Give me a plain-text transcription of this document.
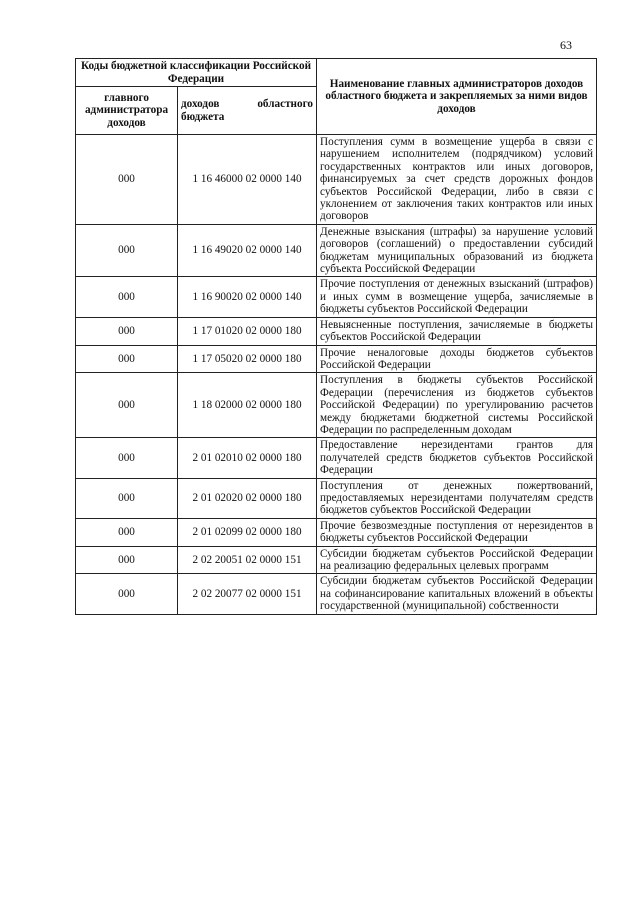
63
Коды бюджетной классификации Российской Федерации		Наименование главных администраторов доходов областного бюджета и закрепляемых за ними видов доходов
главного администратора доходов	доходов областного бюджета	
000	1 16 46000 02 0000 140	Поступления сумм в возмещение ущерба в связи с нарушением исполнителем (подрядчиком) условий государственных контрактов или иных договоров, финансируемых за счет средств дорожных фондов субъектов Российской Федерации, либо в связи с уклонением от заключения таких контрактов или иных договоров
000	1 16 49020 02 0000 140	Денежные взыскания (штрафы) за нарушение условий договоров (соглашений) о предоставлении субсидий бюджетам муниципальных образований из бюджета субъекта Российской Федерации
000	1 16 90020 02 0000 140	Прочие поступления от денежных взысканий (штрафов) и иных сумм в возмещение ущерба, зачисляемые в бюджеты субъектов Российской Федерации
000	1 17 01020 02 0000 180	Невыясненные поступления, зачисляемые в бюджеты субъектов Российской Федерации
000	1 17 05020 02 0000 180	Прочие неналоговые доходы бюджетов субъектов Российской Федерации
000	1 18 02000 02 0000 180	Поступления в бюджеты субъектов Российской Федерации (перечисления из бюджетов субъектов Российской Федерации) по урегулированию расчетов между бюджетами бюджетной системы Российской Федерации по распределенным доходам
000	2 01 02010 02 0000 180	Предоставление нерезидентами грантов для получателей средств бюджетов субъектов Российской Федерации
000	2 01 02020 02 0000 180	Поступления от денежных пожертвований, предоставляемых нерезидентами получателям средств бюджетов субъектов Российской Федерации
000	2 01 02099 02 0000 180	Прочие безвозмездные поступления от нерезидентов в бюджеты субъектов Российской Федерации
000	2 02 20051 02 0000 151	Субсидии бюджетам субъектов Российской Федерации на реализацию федеральных целевых программ
000	2 02 20077 02 0000 151	Субсидии бюджетам субъектов Российской Федерации на софинансирование капитальных вложений в объекты государственной (муниципальной) собственности
